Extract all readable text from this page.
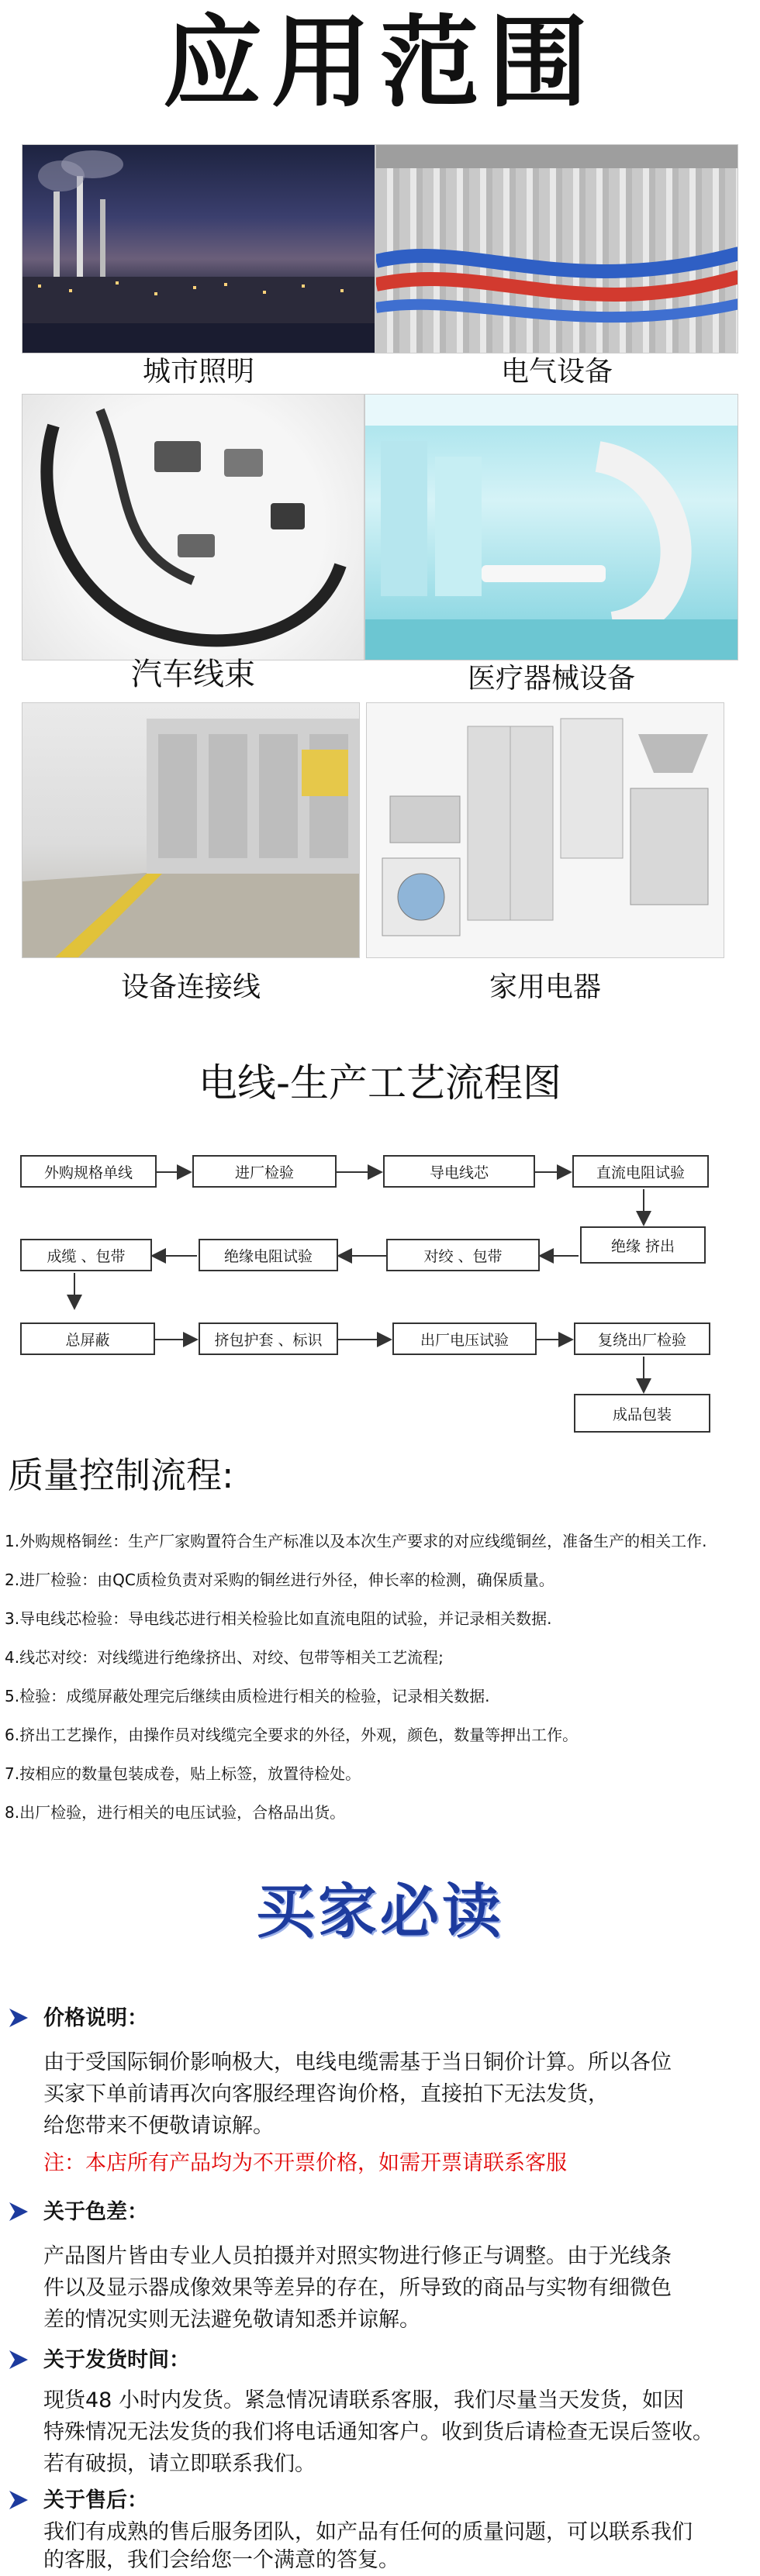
应用范围
城市照明	电气设备
汽车线束	医疗器械设备
设备连接线	家用电器
电线-生产工艺流程图
外购规格单线	进厂检验	导电线芯	直流电阻试验
绝缘 挤出
对绞 、包带
绝缘电阻试验
成缆 、包带
总屏蔽	挤包护套 、标识	出厂电压试验	复绕出厂检验
成品包装
质量控制流程:
1.外购规格铜丝：生产厂家购置符合生产标准以及本次生产要求的对应线缆铜丝，准备生产的相关工作.
2.进厂检验：由QC质检负责对采购的铜丝进行外径，伸长率的检测，确保质量。
3.导电线芯检验：导电线芯进行相关检验比如直流电阻的试验，并记录相关数据.
4.线芯对绞：对线缆进行绝缘挤出、对绞、包带等相关工艺流程;
5.检验：成缆屏蔽处理完后继续由质检进行相关的检验，记录相关数据.
6.挤出工艺操作，由操作员对线缆完全要求的外径，外观，颜色，数量等押出工作。
7.按相应的数量包装成卷，贴上标签，放置待检处。
8.出厂检验，进行相关的电压试验，合格品出货。
买家必读
价格说明：
由于受国际铜价影响极大，电线电缆需基于当日铜价计算。所以各位
买家下单前请再次向客服经理咨询价格，直接拍下无法发货，
给您带来不便敬请谅解。
注：本店所有产品均为不开票价格，如需开票请联系客服
关于色差：
产品图片皆由专业人员拍摄并对照实物进行修正与调整。由于光线条
件以及显示器成像效果等差异的存在，所导致的商品与实物有细微色
差的情况实则无法避免敬请知悉并谅解。
关于发货时间：
现货48 小时内发货。紧急情况请联系客服，我们尽量当天发货，如因
特殊情况无法发货的我们将电话通知客户。收到货后请检查无误后签收。
若有破损，请立即联系我们。
关于售后：
我们有成熟的售后服务团队，如产品有任何的质量问题，可以联系我们
的客服，我们会给您一个满意的答复。
